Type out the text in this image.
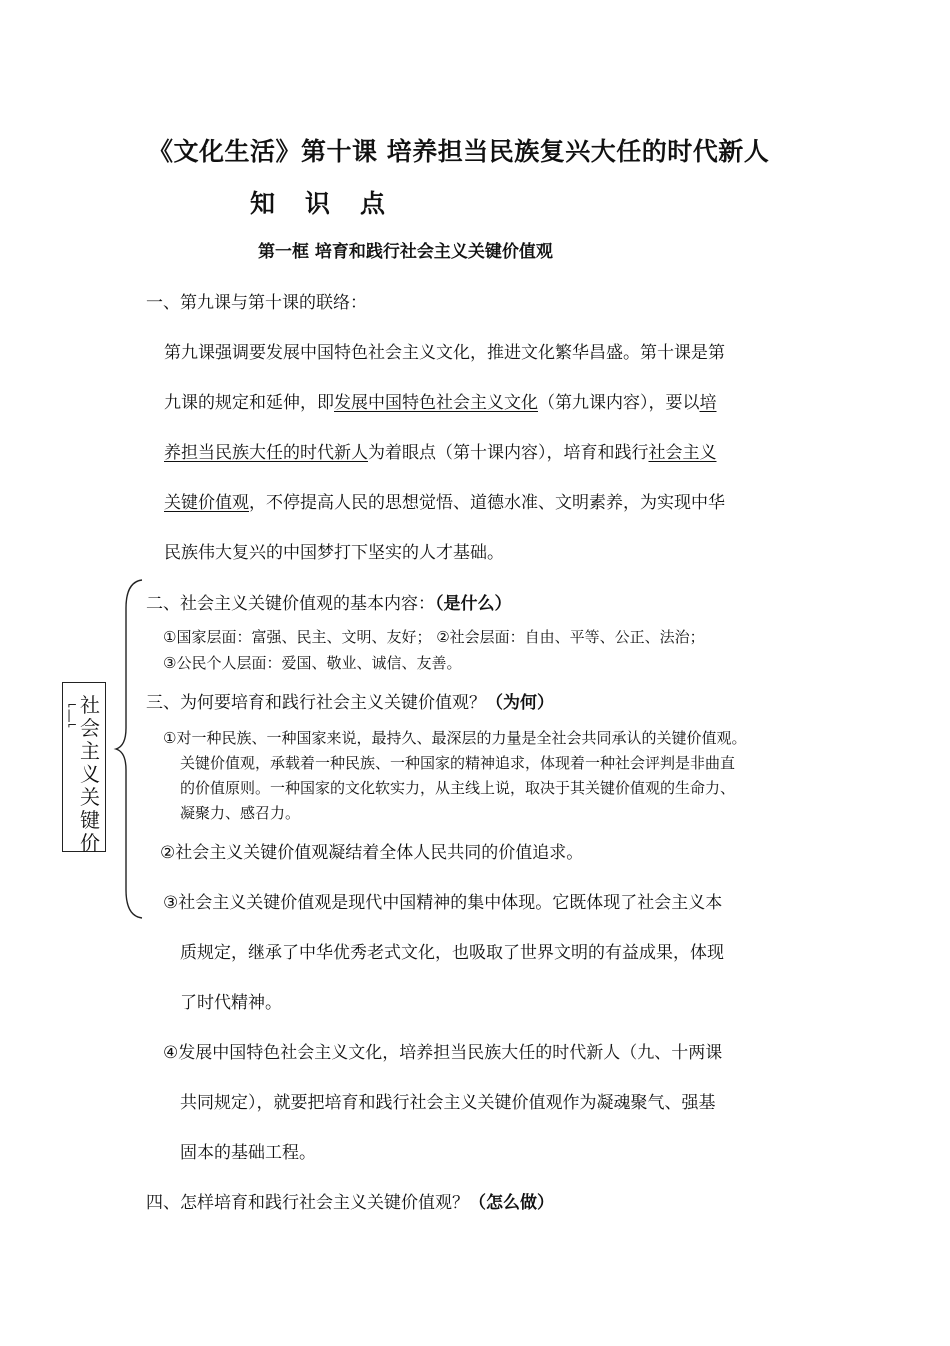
《文化生活》第十课 培养担当民族复兴大任的时代新人
知 识 点
第一框 培育和践行社会主义关键价值观
一、第九课与第十课的联络：
第九课强调要发展中国特色社会主义文化，推进文化繁华昌盛。第十课是第
九课的规定和延伸，即发展中国特色社会主义文化（第九课内容），要以培
养担当民族大任的时代新人为着眼点（第十课内容），培育和践行社会主义
关键价值观，不停提高人民的思想觉悟、道德水准、文明素养，为实现中华
民族伟大复兴的中国梦打下坚实的人才基础。
⌐
|
⌐
社会主义关键价
二、社会主义关键价值观的基本内容：（是什么）
①国家层面：富强、民主、文明、友好； ②社会层面：自由、平等、公正、法治；
③公民个人层面：爱国、敬业、诚信、友善。
三、为何要培育和践行社会主义关键价值观？（为何）
①对一种民族、一种国家来说，最持久、最深层的力量是全社会共同承认的关键价值观。
关键价值观，承载着一种民族、一种国家的精神追求，体现着一种社会评判是非曲直
的价值原则。一种国家的文化软实力，从主线上说，取决于其关键价值观的生命力、
凝聚力、感召力。
②社会主义关键价值观凝结着全体人民共同的价值追求。
③社会主义关键价值观是现代中国精神的集中体现。它既体现了社会主义本
质规定，继承了中华优秀老式文化，也吸取了世界文明的有益成果，体现
了时代精神。
④发展中国特色社会主义文化，培养担当民族大任的时代新人（九、十两课
共同规定），就要把培育和践行社会主义关键价值观作为凝魂聚气、强基
固本的基础工程。
四、怎样培育和践行社会主义关键价值观？（怎么做）
